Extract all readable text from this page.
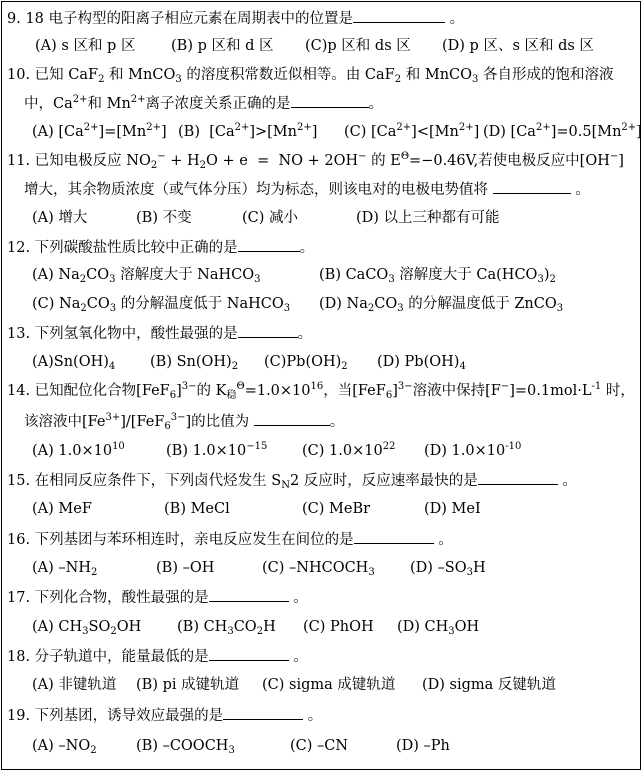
9. 18 电子构型的阳离子相应元素在周期表中的位置是	。
(A) s 区和 p 区 (B) p 区和 d 区 (C)p 区和 ds 区 (D) p 区、s 区和 ds 区
10. 已知 CaF$_2$ 和 MnCO$_3$ 的溶度积常数近似相等。由 CaF$_2$ 和 MnCO$_3$ 各自形成的饱和溶液
中，$Ca^{2+}$和 $Mn^{2+}$离子浓度关系正确的是	。
(A) $[Ca^{2+}]=[Mn^{2+}]$ (B)  $[Ca^{2+}]>[Mn^{2+}]$ (C) $[Ca^{2+}]<[Mn^{2+}]$ (D) $[Ca^{2+}]=0.5[Mn^{2+}]$
11. 已知电极反应 $NO_2^- + H_2O + e$  =  NO + 2OH− 的 $E^\Theta=-0.46V$,若使电极反应中[OH−]
增大，其余物质浓度（或气体分压）均为标态，则该电对的电极电势值将	。
(A) 增大	(B) 不变	(C) 减小	(D) 以上三种都有可能
12. 下列碳酸盐性质比较中正确的是	。
(A) $Na_2CO_3$ 溶解度大于 NaHCO$_3$	(B) CaCO$_3$ 溶解度大于 $Ca(HCO_3)_2$
(C) $Na_2CO_3$ 的分解温度低于 NaHCO$_3$ (D) $Na_2CO_3$ 的分解温度低于 ZnCO$_3$
13. 下列氢氧化物中，酸性最强的是	。
$(A)Sn(OH)_4$ (B) $Sn(OH)_2$ $(C)Pb(OH)_2$ (D) $Pb(OH)_4$
14. 已知配位化合物$[FeF_6]^{3-}$的 $K_稳^\Theta=1.0\times 10^{16}$，当$[FeF_6]^{3-}$溶液中保持$[F^-]=0.1mol\cdot L^{-1}$ 时，
该溶液中$[Fe^{3+}]/[FeF_6^{3-}]$的比值为	。
(A) $1.0\times 10^{10}$	(B) $1.0\times 10^{-15}$ (C) $1.0\times 10^{22}$ (D) $1.0\times 10^{-10}$
15. 在相同反应条件下，下列卤代烃发生 $S_N2$ 反应时，反应速率最快的是	。
(A) MeF	(B) MeCl	(C) MeBr	(D) MeI
16. 下列基团与苯环相连时，亲电反应发生在间位的是	。
(A) $-NH_2$	(B) –OH	(C) $-NHCOCH_3$ (D) $-SO_3H$
17. 下列化合物，酸性最强的是	。
(A) $CH_3SO_2OH$ (B) $CH_3CO_2H$ (C) PhOH (D) $CH_3OH$
18. 分子轨道中，能量最低的是	。
(A) 非键轨道 (B) pi 成键轨道 (C) sigma 成键轨道 (D) sigma 反键轨道
19. 下列基团，诱导效应最强的是	。
(A) $-NO_2$	(B) $-COOCH_3$	(C) –CN	(D) –Ph
